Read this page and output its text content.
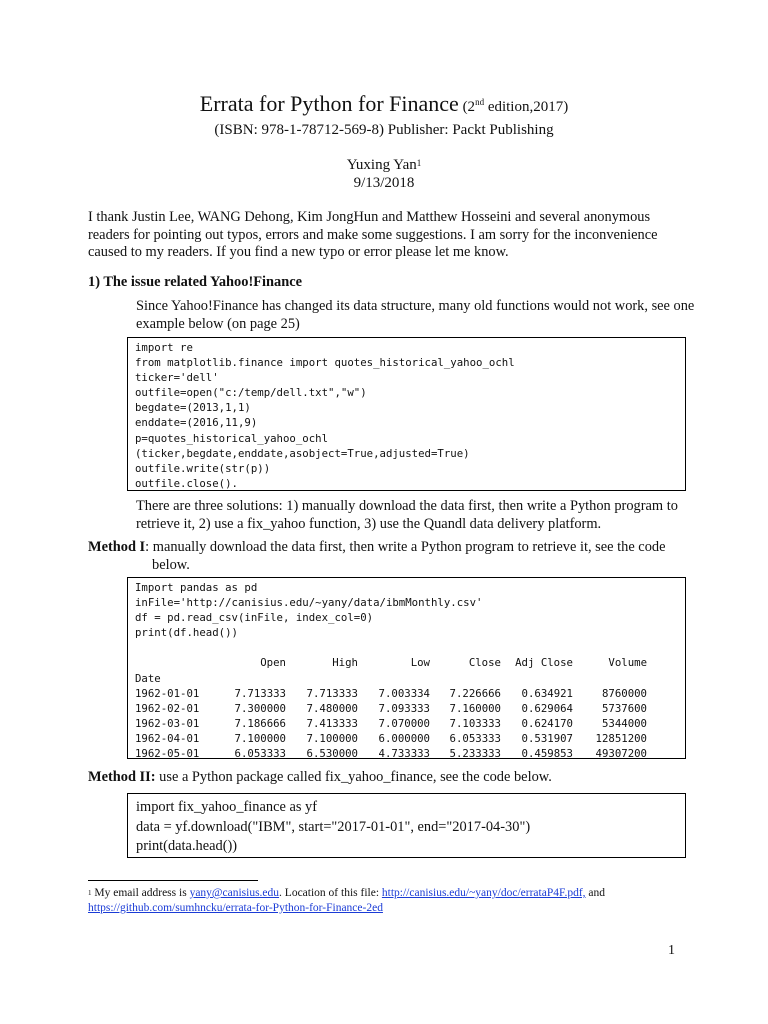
Errata for Python for Finance (2nd edition,2017)
(ISBN: 978-1-78712-569-8) Publisher: Packt Publishing
Yuxing Yan$^1$
9/13/2018
I thank Justin Lee, WANG Dehong, Kim JongHun and Matthew Hosseini and several anonymous readers for pointing out typos, errors and make some suggestions. I am sorry for the inconvenience caused to my readers. If you find a new typo or error please let me know.
1) The issue related Yahoo!Finance
Since Yahoo!Finance has changed its data structure, many old functions would not work, see one example below (on page 25)
import re
from matplotlib.finance import quotes_historical_yahoo_ochl
ticker='dell'
outfile=open("c:/temp/dell.txt","w")
begdate=(2013,1,1)
enddate=(2016,11,9)
p=quotes_historical_yahoo_ochl
(ticker,begdate,enddate,asobject=True,adjusted=True)
outfile.write(str(p))
outfile.close().
There are three solutions: 1) manually download the data first, then write a Python program to retrieve it, 2) use a fix_yahoo function, 3) use the Quandl data delivery platform.
Method I: manually download the data first, then write a Python program to retrieve it, see the code
below.
Import pandas as pd
inFile='http://canisius.edu/~yany/data/ibmMonthly.csv'
df = pd.read_csv(inFile, index_col=0)
print(df.head())

Open	High	Low	Close	Adj Close	Volume
Date
1962-01-01	7.713333	7.713333	7.003334	7.226666	0.634921	8760000
1962-02-01	7.300000	7.480000	7.093333	7.160000	0.629064	5737600
1962-03-01	7.186666	7.413333	7.070000	7.103333	0.624170	5344000
1962-04-01	7.100000	7.100000	6.000000	6.053333	0.531907	12851200
1962-05-01	6.053333	6.530000	4.733333	5.233333	0.459853	49307200
Method II: use a Python package called fix_yahoo_finance, see the code below.
import fix_yahoo_finance as yf
data = yf.download("IBM", start="2017-01-01", end="2017-04-30")
print(data.head())
$^1$ My email address is yany@canisius.edu. Location of this file: http://canisius.edu/~yany/doc/errataP4F.pdf, and
https://github.com/sumhncku/errata-for-Python-for-Finance-2ed
1
